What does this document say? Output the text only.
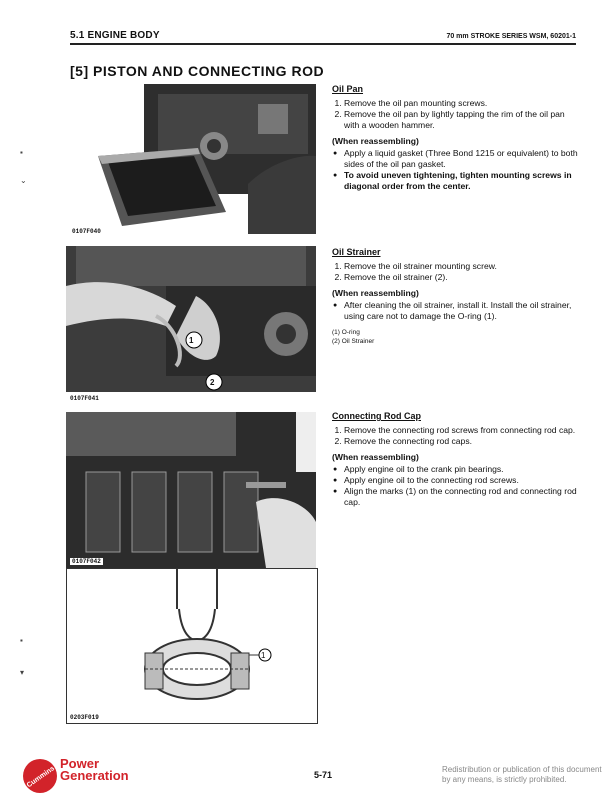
5.1 ENGINE BODY	70 mm STROKE SERIES WSM, 60201-1
[5] PISTON AND CONNECTING ROD
▪
⌄
▪
▾
0107F040
1
2
0107F041
0107F042
1
0203F019
Oil Pan
1. Remove the oil pan mounting screws.
2. Remove the oil pan by lightly tapping the rim of the oil pan with a wooden hammer.
(When reassembling)
● Apply a liquid gasket (Three Bond 1215 or equivalent) to both sides of the oil pan gasket.
● To avoid uneven tightening, tighten mounting screws in diagonal order from the center.
Oil Strainer
1. Remove the oil strainer mounting screw.
2. Remove the oil strainer (2).
(When reassembling)
● After cleaning the oil strainer, install it. Install the oil strainer, using care not to damage the O-ring (1).
(1) O-ring
(2) Oil Strainer
Connecting Rod Cap
1. Remove the connecting rod screws from connecting rod cap.
2. Remove the connecting rod caps.
(When reassembling)
● Apply engine oil to the crank pin bearings.
● Apply engine oil to the connecting rod screws.
● Align the marks (1) on the connecting rod and connecting rod cap.
Cummins
Power
Generation	5-71
Redistribution or publication of this document by any means, is strictly prohibited.
